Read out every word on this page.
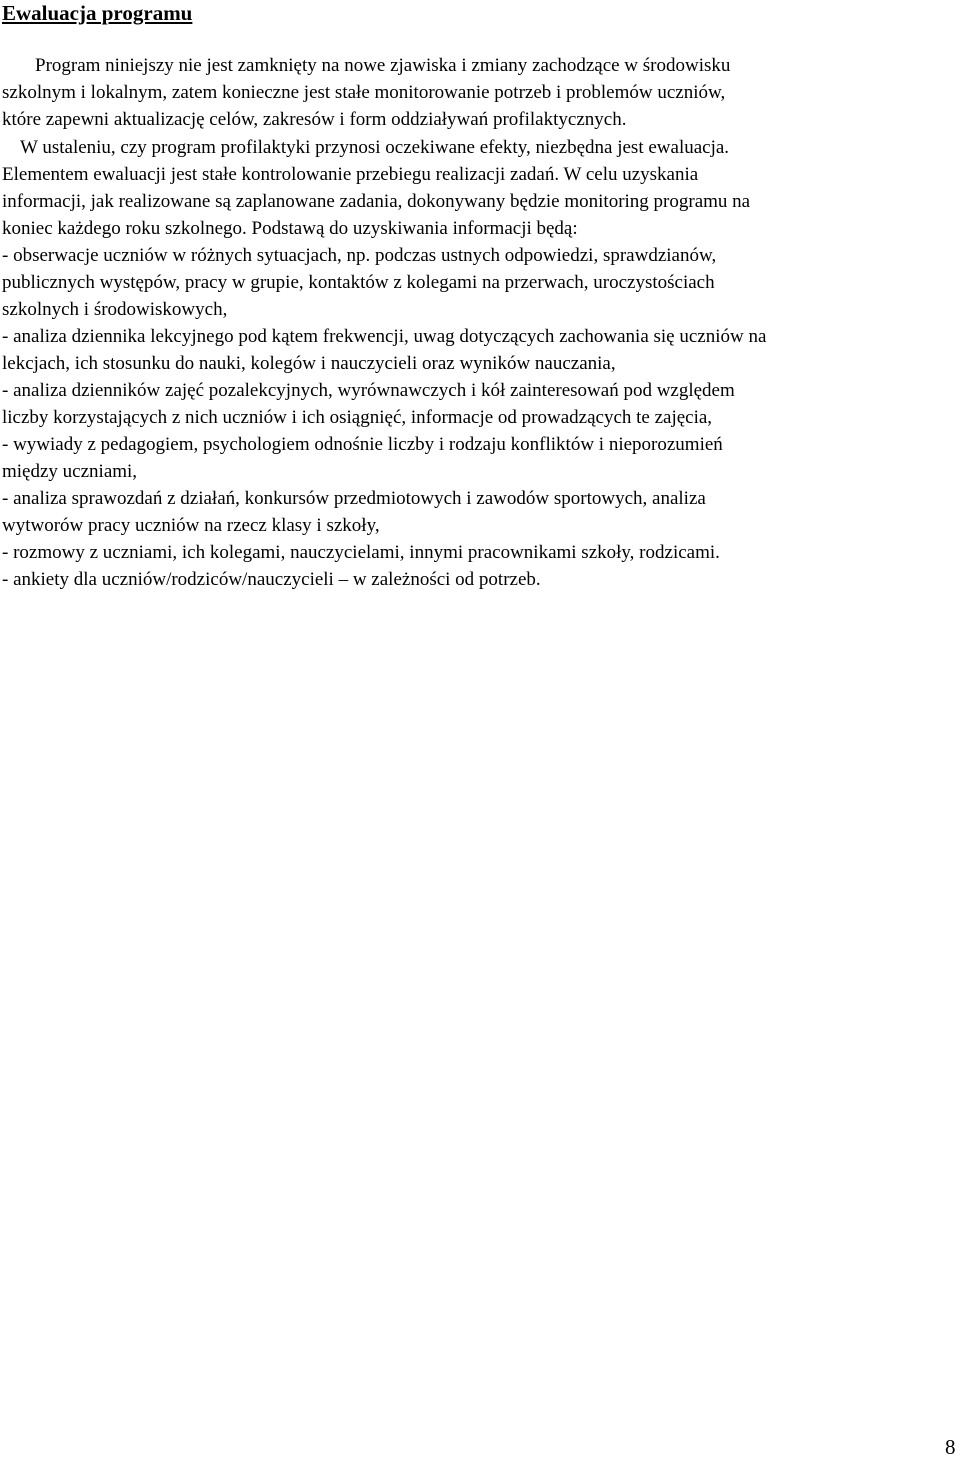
Ewaluacja programu
Program niniejszy nie jest zamknięty na nowe zjawiska i zmiany zachodzące w środowisku
szkolnym i lokalnym, zatem konieczne jest stałe monitorowanie potrzeb i problemów uczniów,
które zapewni aktualizację celów, zakresów i form oddziaływań profilaktycznych.
W ustaleniu, czy program profilaktyki przynosi oczekiwane efekty, niezbędna jest ewaluacja.
Elementem ewaluacji jest stałe kontrolowanie przebiegu realizacji zadań. W celu uzyskania
informacji, jak realizowane są zaplanowane zadania, dokonywany będzie monitoring programu na
koniec każdego roku szkolnego. Podstawą do uzyskiwania informacji będą:
- obserwacje uczniów w różnych sytuacjach, np. podczas ustnych odpowiedzi, sprawdzianów,
publicznych występów, pracy w grupie, kontaktów z kolegami na przerwach, uroczystościach
szkolnych i środowiskowych,
- analiza dziennika lekcyjnego pod kątem frekwencji, uwag dotyczących zachowania się uczniów na
lekcjach, ich stosunku do nauki, kolegów i nauczycieli oraz wyników nauczania,
- analiza dzienników zajęć pozalekcyjnych, wyrównawczych i kół zainteresowań pod względem
liczby korzystających z nich uczniów i ich osiągnięć, informacje od prowadzących te zajęcia,
- wywiady z pedagogiem, psychologiem odnośnie liczby i rodzaju konfliktów i nieporozumień
między uczniami,
- analiza sprawozdań z działań, konkursów przedmiotowych i zawodów sportowych, analiza
wytworów pracy uczniów na rzecz klasy i szkoły,
- rozmowy z uczniami, ich kolegami, nauczycielami, innymi pracownikami szkoły, rodzicami.
- ankiety dla uczniów/rodziców/nauczycieli – w zależności od potrzeb.
8
